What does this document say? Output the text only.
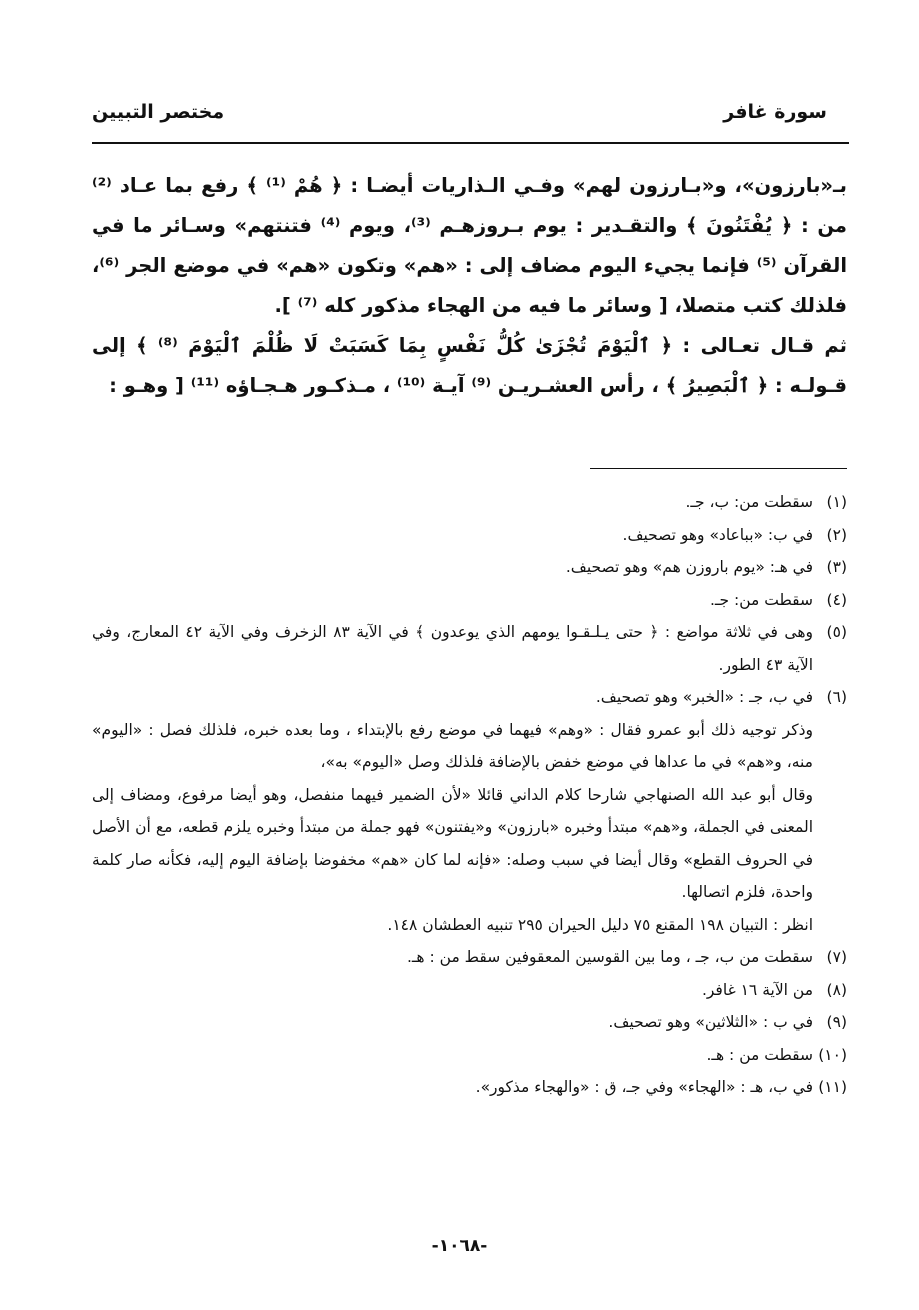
سورة غافر
مختصر التبيين

بـ«بارزون»، و«بـارزون لهم» وفـي الـذاريات أيضـا : ﴿ هُمْ ⁽¹⁾ ﴾ رفع بما عـاد ⁽²⁾ من : ﴿ يُفْتَنُونَ ﴾ والتقـدير : يوم بـروزهـم ⁽³⁾، ويوم ⁽⁴⁾ فتنتهم» وسـائر ما في القرآن ⁽⁵⁾ فإنما يجيء اليوم مضاف إلى : «هم» وتكون «هم» في موضع الجر ⁽⁶⁾، فلذلك كتب متصلا، [ وسائر ما فيه من الهجاء مذكور كله ⁽⁷⁾ ].

ثم قـال تعـالى : ﴿ ٱلْيَوْمَ تُجْزَىٰ كُلُّ نَفْسٍ بِمَا كَسَبَتْ لَا ظُلْمَ ٱلْيَوْمَ ⁽⁸⁾ ﴾ إلى قـولـه : ﴿ ٱلْبَصِيرُ ﴾ ، رأس العشـريـن ⁽⁹⁾ آيـة ⁽¹⁰⁾ ، مـذكـور هـجـاؤه ⁽¹¹⁾ [ وهـو :

(١)
سقطت من: ب، جـ.
(٢)
في ب: «بباعاد» وهو تصحيف.
(٣)
في هـ: «يوم باروزن هم» وهو تصحيف.
(٤)
سقطت من: جـ.
(٥)
وهى في ثلاثة مواضع : ﴿ حتى يـلـقـوا يومهم الذي يوعدون ﴾ في الآية ٨٣ الزخرف وفي الآية ٤٢ المعارج، وفي الآية ٤٣ الطور.
(٦)
في ب، جـ : «الخبر» وهو تصحيف.
وذكر توجيه ذلك أبو عمرو فقال : «وهم» فيهما في موضع رفع بالإبتداء ، وما بعده خبره، فلذلك فصل : «اليوم» منه، و«هم» في ما عداها في موضع خفض بالإضافة فلذلك وصل «اليوم» به»،
وقال أبو عبد الله الصنهاجي شارحا كلام الداني قائلا «لأن الضمير فيهما منفصل، وهو أيضا مرفوع، ومضاف إلى المعنى في الجملة، و«هم» مبتدأ وخبره «بارزون» و«يفتنون» فهو جملة من مبتدأ وخبره يلزم قطعه، مع أن الأصل في الحروف القطع» وقال أيضا في سبب وصله: «فإنه لما كان «هم» مخفوضا بإضافة اليوم إليه، فكأنه صار كلمة واحدة، فلزم اتصالها.
انظر : التبيان ١٩٨ المقنع ٧٥ دليل الحيران ٢٩٥ تنبيه العطشان ١٤٨.
(٧)
سقطت من ب، جـ ، وما بين القوسين المعقوفين سقط من : هـ.
(٨)
من الآية ١٦ غافر.
(٩)
في ب : «الثلاثين» وهو تصحيف.
(١٠)
سقطت من : هـ.
(١١)
في ب، هـ : «الهجاء» وفي جـ، ق : «والهجاء مذكور».
-١٠٦٨-
